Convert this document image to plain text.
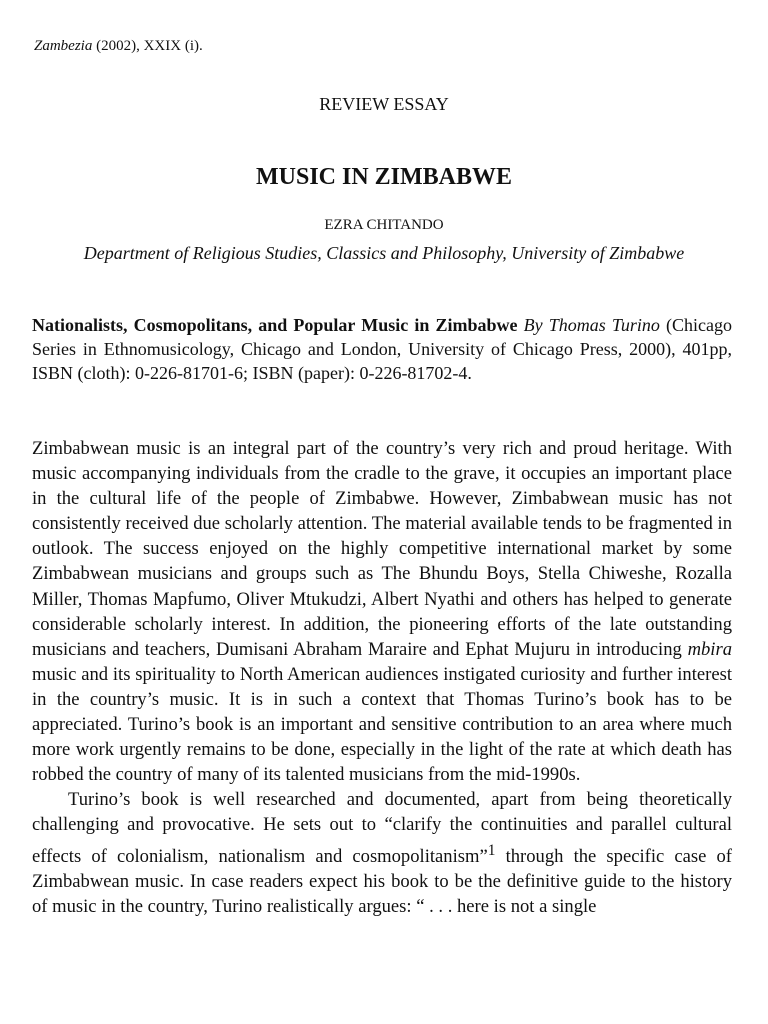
Zambezia (2002), XXIX (i).
REVIEW ESSAY
MUSIC IN ZIMBABWE
EZRA CHITANDO
Department of Religious Studies, Classics and Philosophy, University of Zimbabwe
Nationalists, Cosmopolitans, and Popular Music in Zimbabwe By Thomas Turino (Chicago Series in Ethnomusicology, Chicago and London, University of Chicago Press, 2000), 401pp, ISBN (cloth): 0-226-81701-6; ISBN (paper): 0-226-81702-4.

Zimbabwean music is an integral part of the country’s very rich and proud heritage. With music accompanying individuals from the cradle to the grave, it occupies an important place in the cultural life of the people of Zimbabwe. However, Zimbabwean music has not consistently received due scholarly attention. The material available tends to be fragmented in outlook. The success enjoyed on the highly competitive international market by some Zimbabwean musicians and groups such as The Bhundu Boys, Stella Chiweshe, Rozalla Miller, Thomas Mapfumo, Oliver Mtukudzi, Albert Nyathi and others has helped to generate considerable scholarly interest. In addition, the pioneering efforts of the late outstanding musicians and teachers, Dumisani Abraham Maraire and Ephat Mujuru in introducing mbira music and its spirituality to North American audiences instigated curiosity and further interest in the country’s music. It is in such a context that Thomas Turino’s book has to be appreciated. Turino’s book is an important and sensitive contribution to an area where much more work urgently remains to be done, especially in the light of the rate at which death has robbed the country of many of its talented musicians from the mid-1990s.

Turino’s book is well researched and documented, apart from being theoretically challenging and provocative. He sets out to “clarify the continuities and parallel cultural effects of colonialism, nationalism and cosmopolitanism”$^1$ through the specific case of Zimbabwean music. In case readers expect his book to be the definitive guide to the history of music in the country, Turino realistically argues: “ . . . here is not a single
